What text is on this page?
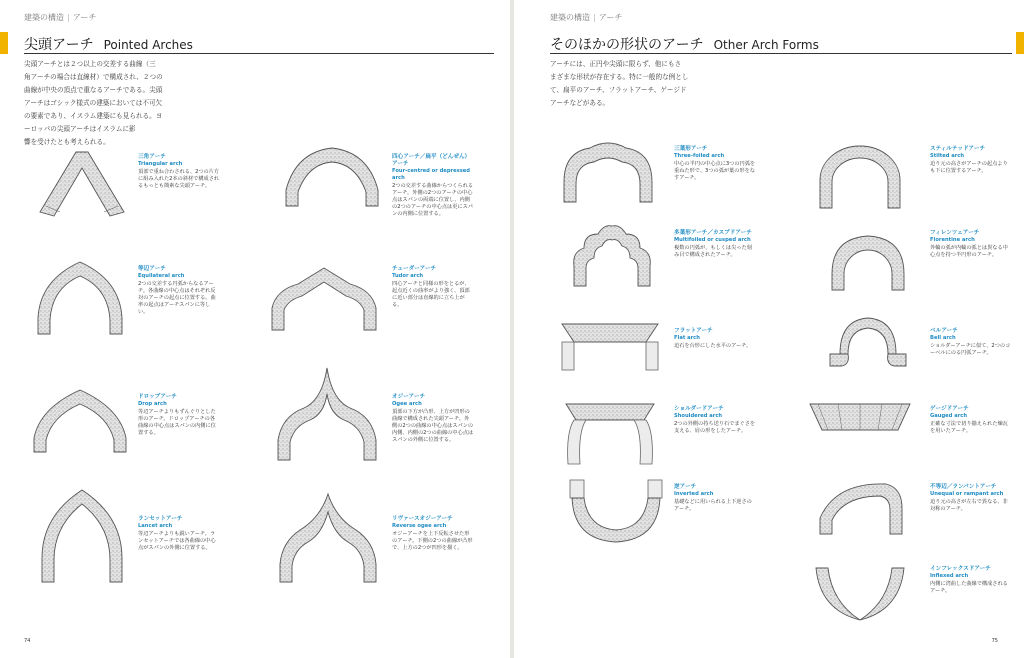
建築の構造 | アーチ
尖頭アーチ Pointed Arches
尖頭アーチとは２つ以上の交差する曲線（三
角アーチの場合は直線材）で構成され、２つの
曲線が中央の頂点で重なるアーチである。尖頭
アーチはゴシック様式の建築においては不可欠
の要素であり、イスラム建築にも見られる。ヨ
ーロッパの尖頭アーチはイスラムに影
響を受けたとも考えられる。
三角アーチ
Triangular arch
頂部で重ね合わされる、2つの片方に組み入れた2本の斜材で構成されるもっとも簡素な尖頭アーチ。
四心アーチ／扁平（どんぜん）アーチ
Four-centred or depressed arch
2つの交差する曲線からつくられるアーチ。外側の2つのアーチの中心点はスパンの両端に位置し、内側の2つのアーチの中心点は更にスパンの内側に位置する。
等辺アーチ
Equilateral arch
2つの交差する円弧からなるアーチ。各曲線の中心点はそれぞれ反対のアーチの起点に位置する。曲率の起点はアーチスパンに等しい。
チューダーアーチ
Tudor arch
四心アーチと同様の形をとるが、起点近くの曲率がより強く、頂部に近い部分は直線的に立ち上がる。
ドロップアーチ
Drop arch
等辺アーチよりもずんぐりとした形のアーチ。ドロップアーチの各曲線の中心点はスパンの内側に位置する。
オジーアーチ
Ogee arch
頂部の下方が凸形、上方が凹形の曲線で構成された尖頭アーチ。外側の2つの曲線の中心点はスパンの内側、内側の2つの曲線の中心点はスパンの外側に位置する。
ランセットアーチ
Lancet arch
等辺アーチよりも鋭いアーチ。ランセットアーチでは各曲線の中心点がスパンの外側に位置する。
リヴァースオジーアーチ
Reverse ogee arch
オジーアーチを上下反転させた形のアーチ。下側の2つの曲線が凸形で、上方の2つが凹形を描く。
74
建築の構造 | アーチ
そのほかの形状のアーチ Other Arch Forms
アーチには、正円や尖頭に限らず、他にもさ
まざまな形状が存在する。特に一般的な例とし
て、扁平のアーチ、フラットアーチ、ゲージド
アーチなどがある。
三葉形アーチ
Three-foiled arch
中心の半円の中心点に3つの円弧を重ねた形で、3つの弧が葉の形をなすアーチ。
スティルテッドアーチ
Stilted arch
迫り元の高さがアーチの起点よりも下に位置するアーチ。
多葉形アーチ／カスプドアーチ
Multifoiled or cusped arch
複数の円弧が、もしくは尖った刻み目で構成されたアーチ。
フィレンツェアーチ
Florentine arch
外輪の弧が内輪の弧とは異なる中心点を持つ半円形のアーチ。
フラットアーチ
Flat arch
迫石を台形にした水平のアーチ。
ベルアーチ
Bell arch
ショルダーアーチに似て、2つのコーベルにのる円弧アーチ。
ショルダードアーチ
Shouldered arch
2つの外側の持ち送り石でまぐさを支える、肩の形をしたアーチ。
ゲージドアーチ
Gauged arch
正確な寸法で切り揃えられた煉瓦を用いたアーチ。
逆アーチ
Inverted arch
基礎などに用いられる上下逆さのアーチ。
不等辺／ランパントアーチ
Unequal or rampant arch
迫り元の高さが左右で異なる、非対称のアーチ。
インフレックスドアーチ
Inflexed arch
内側に湾曲した曲線で構成されるアーチ。
75
